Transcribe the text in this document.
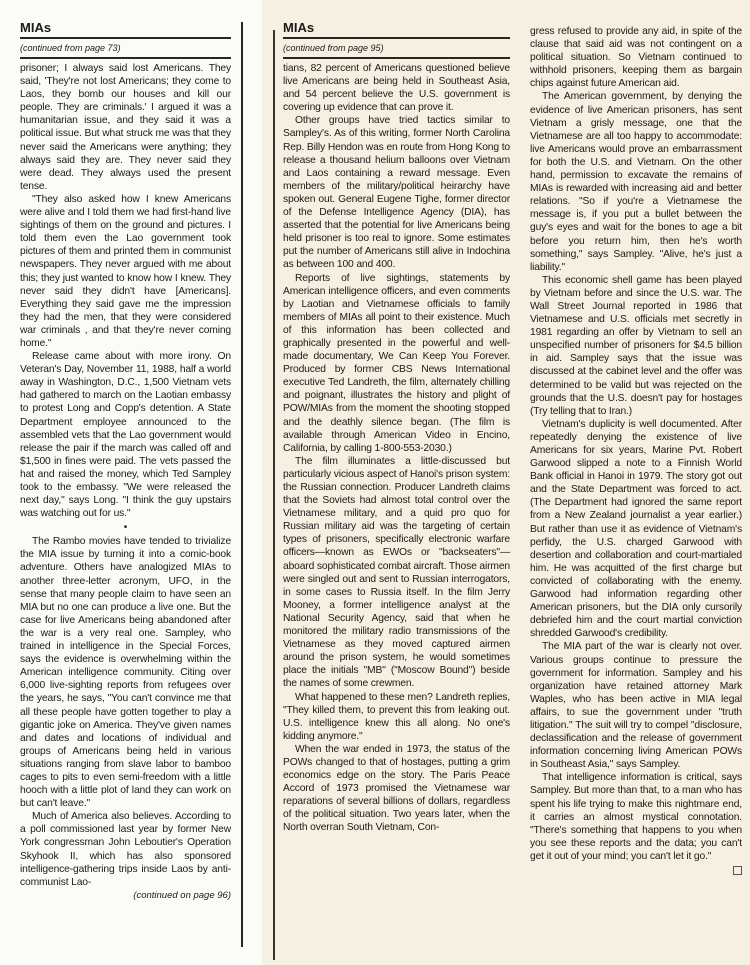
MIAs
(continued from page 73)

prisoner; I always said lost Americans. They said, 'They're not lost Americans; they come to Laos, they bomb our houses and kill our people. They are criminals.' I argued it was a humanitarian issue, and they said it was a political issue. But what struck me was that they never said the Americans were anything; they always said they are. They never said they were dead. They always used the present tense.

"They also asked how I knew Americans were alive and I told them we had first-hand live sightings of them on the ground and pictures. I told them even the Lao government took pictures of them and printed them in communist newspapers. They never argued with me about this; they just wanted to know how I knew. They never said they didn't have [Americans]. Everything they said gave me the impression they had the men, that they were considered war criminals , and that they're never coming home."

Release came about with more irony. On Veteran's Day, November 11, 1988, half a world away in Washington, D.C., 1,500 Vietnam vets had gathered to march on the Laotian embassy to protest Long and Copp's detention. A State Department employee announced to the assembled vets that the Lao government would release the pair if the march was called off and $1,500 in fines were paid. The vets passed the hat and raised the money, which Ted Sampley took to the embassy. "We were released the next day," says Long. "I think the guy upstairs was watching out for us."

•

The Rambo movies have tended to trivialize the MIA issue by turning it into a comic-book adventure. Others have analogized MIAs to another three-letter acronym, UFO, in the sense that many people claim to have seen an MIA but no one can produce a live one. But the case for live Americans being abandoned after the war is a very real one. Sampley, who trained in intelligence in the Special Forces, says the evidence is overwhelming within the American intelligence community. Citing over 6,000 live-sighting reports from refugees over the years, he says, "You can't convince me that all these people have gotten together to play a gigantic joke on America. They've given names and dates and locations of individual and groups of Americans being held in various situations ranging from slave labor to bamboo cages to pits to even semi-freedom with a little hooch with a little plot of land they can work on but can't leave."

Much of America also believes. According to a poll commissioned last year by former New York congressman John Leboutier's Operation Skyhook II, which has also sponsored intelligence-gathering trips inside Laos by anti-communist Lao-

(continued on page 96)
MIAs
(continued from page 95)

tians, 82 percent of Americans questioned believe live Americans are being held in Southeast Asia, and 54 percent believe the U.S. government is covering up evidence that can prove it.

Other groups have tried tactics similar to Sampley's. As of this writing, former North Carolina Rep. Billy Hendon was en route from Hong Kong to release a thousand helium balloons over Vietnam and Laos containing a reward message. Even members of the military/political heirarchy have spoken out. General Eugene Tighe, former director of the Defense Intelligence Agency (DIA), has asserted that the potential for live Americans being held prisoner is too real to ignore. Some estimates put the number of Americans still alive in Indochina as between 100 and 400.

Reports of live sightings, statements by American intelligence officers, and even comments by Laotian and Vietnamese officials to family members of MIAs all point to their existence. Much of this information has been collected and graphically presented in the powerful and well-made documentary, We Can Keep You Forever. Produced by former CBS News International executive Ted Landreth, the film, alternately chilling and poignant, illustrates the history and plight of POW/MIAs from the moment the shooting stopped and the deathly silence began. (The film is available through American Video in Encino, California, by calling 1-800-553-2030.)

The film illuminates a little-discussed but particularly vicious aspect of Hanoi's prison system: the Russian connection. Producer Landreth claims that the Soviets had almost total control over the Vietnamese military, and a quid pro quo for Russian military aid was the targeting of certain types of prisoners, specifically electronic warfare officers—known as EWOs or "backseaters"—aboard sophisticated combat aircraft. Those airmen were singled out and sent to Russian interrogators, in some cases to Russia itself. In the film Jerry Mooney, a former intelligence analyst at the National Security Agency, said that when he monitored the military radio transmissions of the Vietnamese as they moved captured airmen around the prison system, he would sometimes place the initials "MB" ("Moscow Bound") beside the names of some crewmen.

What happened to these men? Landreth replies, "They killed them, to prevent this from leaking out. U.S. intelligence knew this all along. No one's kidding anymore."

When the war ended in 1973, the status of the POWs changed to that of hostages, putting a grim economics edge on the story. The Paris Peace Accord of 1973 promised the Vietnamese war reparations of several billions of dollars, regardless of the political situation. Two years later, when the North overran South Vietnam, Con-

gress refused to provide any aid, in spite of the clause that said aid was not contingent on a political situation. So Vietnam continued to withhold prisoners, keeping them as bargain chips against future American aid.

The American government, by denying the evidence of live American prisoners, has sent Vietnam a grisly message, one that the Vietnamese are all too happy to accommodate: live Americans would prove an embarrassment for both the U.S. and Vietnam. On the other hand, permission to excavate the remains of MIAs is rewarded with increasing aid and better relations. "So if you're a Vietnamese the message is, if you put a bullet between the guy's eyes and wait for the bones to age a bit before you return him, then he's worth something," says Sampley. "Alive, he's just a liability."

This economic shell game has been played by Vietnam before and since the U.S. war. The Wall Street Journal reported in 1986 that Vietnamese and U.S. officials met secretly in 1981 regarding an offer by Vietnam to sell an unspecified number of prisoners for $4.5 billion in aid. Sampley says that the issue was discussed at the cabinet level and the offer was determined to be valid but was rejected on the grounds that the U.S. doesn't pay for hostages (Try telling that to Iran.)

Vietnam's duplicity is well documented. After repeatedly denying the existence of live Americans for six years, Marine Pvt. Robert Garwood slipped a note to a Finnish World Bank official in Hanoi in 1979. The story got out and the State Department was forced to act. (The Department had ignored the same report from a New Zealand journalist a year earlier.) But rather than use it as evidence of Vietnam's perfidy, the U.S. charged Garwood with desertion and collaboration and court-martialed him. He was acquitted of the first charge but convicted of collaborating with the enemy. Garwood had information regarding other American prisoners, but the DIA only cursorily debriefed him and the court martial conviction shredded Garwood's credibility.

The MIA part of the war is clearly not over. Various groups continue to pressure the government for information. Sampley and his organization have retained attorney Mark Waples, who has been active in MIA legal affairs, to sue the government under "truth litigation." The suit will try to compel "disclosure, declassification and the release of government information concerning living American POWs in Southeast Asia," says Sampley.

That intelligence information is critical, says Sampley. But more than that, to a man who has spent his life trying to make this nightmare end, it carries an almost mystical connotation. "There's something that happens to you when you see these reports and the data; you can't get it out of your mind; you can't let it go."
